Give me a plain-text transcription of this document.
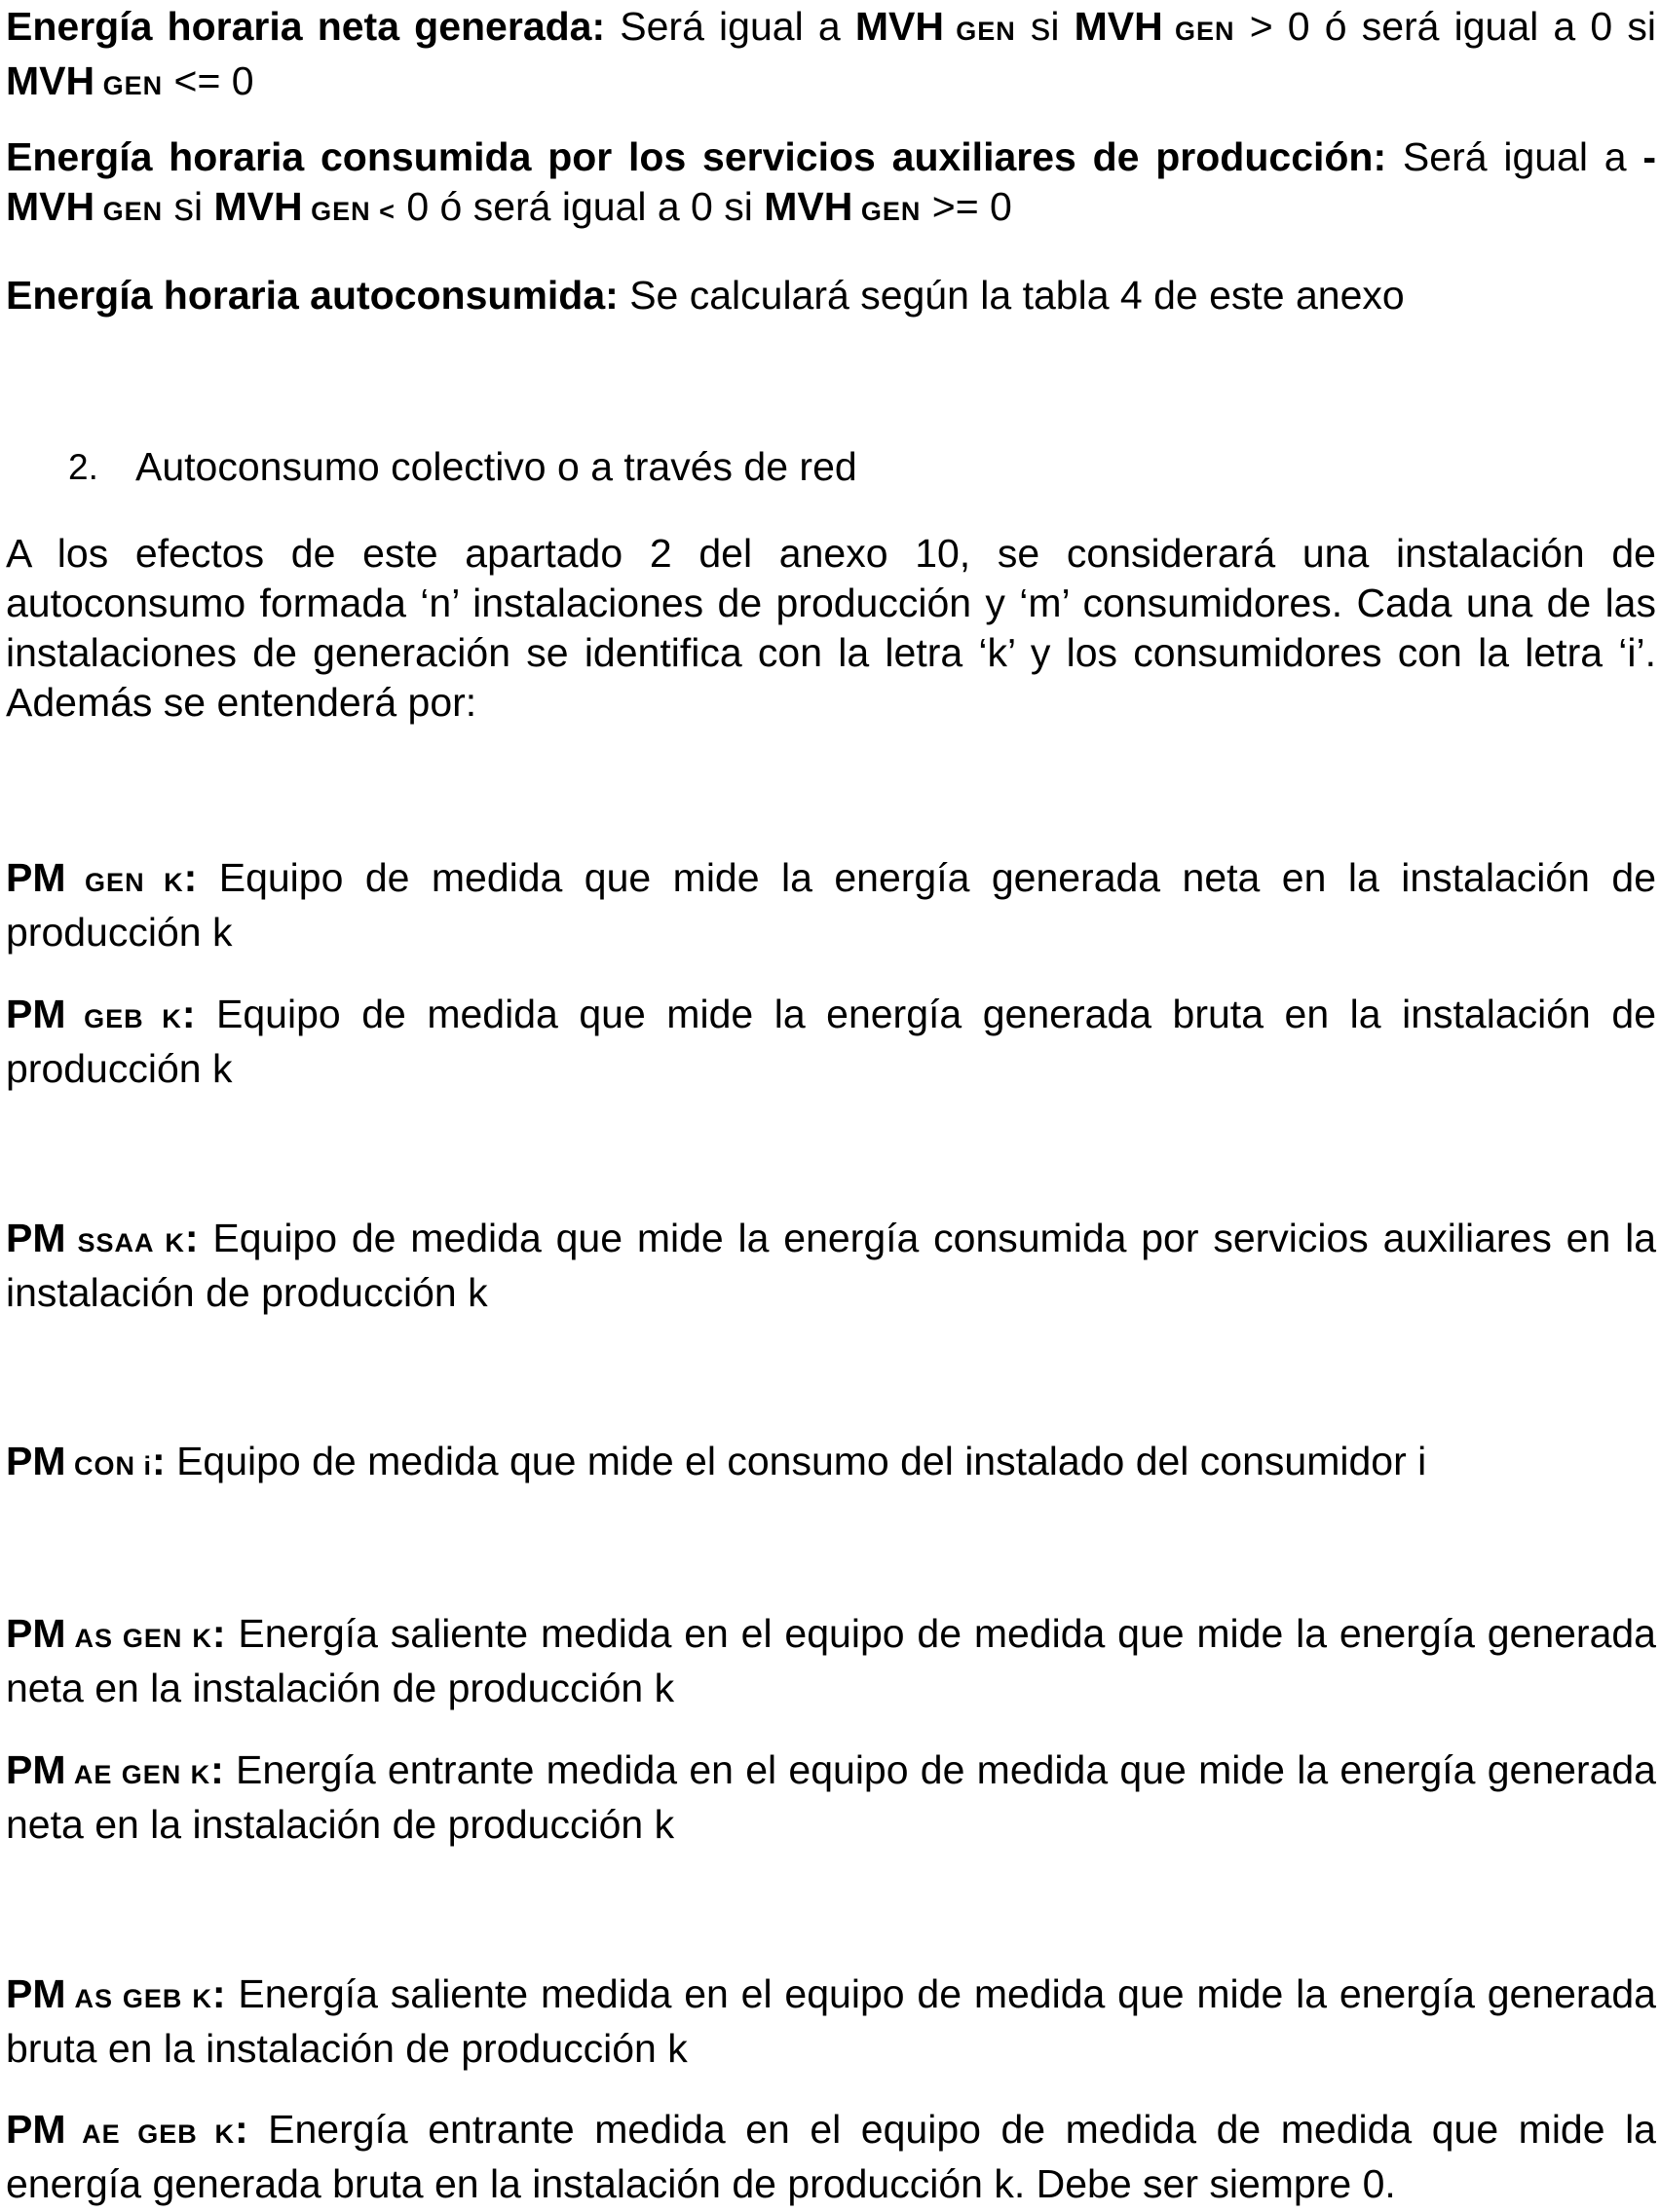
Energía horaria neta generada: Será igual a MVH GEN si MVH GEN > 0 ó será igual a 0 si MVH GEN <= 0

Energía horaria consumida por los servicios auxiliares de producción: Será igual a -MVH GEN si MVH GEN < 0 ó será igual a 0 si MVH GEN >= 0

Energía horaria autoconsumida: Se calculará según la tabla 4 de este anexo

2. Autoconsumo colectivo o a través de red

A los efectos de este apartado 2 del anexo 10, se considerará una instalación de autoconsumo formada ‘n’ instalaciones de producción y ‘m’ consumidores. Cada una de las instalaciones de generación se identifica con la letra ‘k’ y los consumidores con la letra ‘i’. Además se entenderá por:

PM GEN K: Equipo de medida que mide la energía generada neta en la instalación de producción k

PM GEB K: Equipo de medida que mide la energía generada bruta en la instalación de producción k

PM SSAA K: Equipo de medida que mide la energía consumida por servicios auxiliares en la instalación de producción k

PM CON i: Equipo de medida que mide el consumo del instalado del consumidor i

PM AS GEN K: Energía saliente medida en el equipo de medida que mide la energía generada neta en la instalación de producción k

PM AE GEN K: Energía entrante medida en el equipo de medida que mide la energía generada neta en la instalación de producción k

PM AS GEB K: Energía saliente medida en el equipo de medida que mide la energía generada bruta en la instalación de producción k

PM AE GEB K: Energía entrante medida en el equipo de medida de medida que mide la energía generada bruta en la instalación de producción k. Debe ser siempre 0.
